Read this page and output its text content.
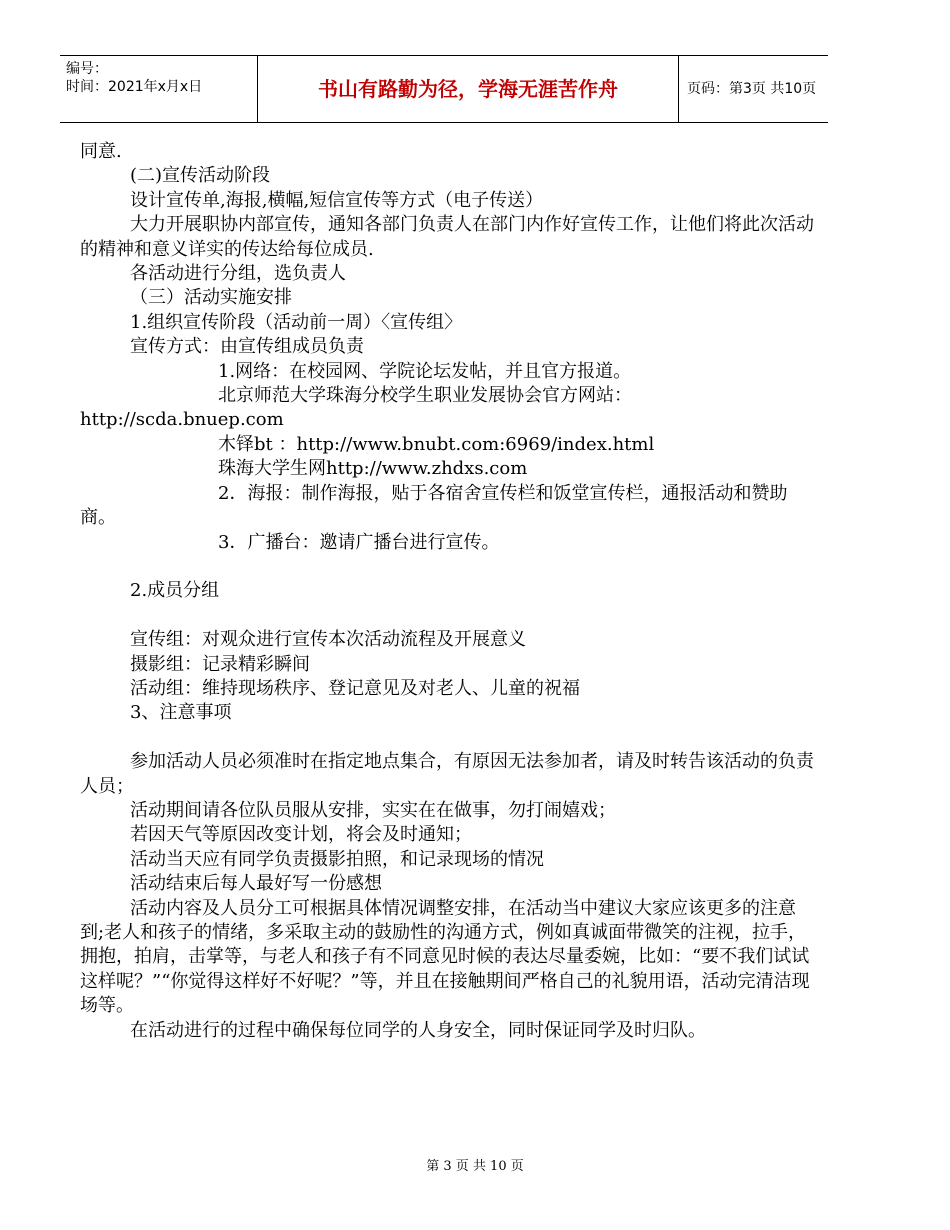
编号：
时间：2021年x月x日	书山有路勤为径，学海无涯苦作舟	页码：第3页 共10页

同意.

(二)宣传活动阶段

设计宣传单,海报,横幅,短信宣传等方式（电子传送）

大力开展职协内部宣传，通知各部门负责人在部门内作好宣传工作，让他们将此次活动的精神和意义详实的传达给每位成员.

各活动进行分组，选负责人

（三）活动实施安排

1.组织宣传阶段（活动前一周）〈宣传组〉

宣传方式：由宣传组成员负责

1.网络：在校园网、学院论坛发帖，并且官方报道。

北京师范大学珠海分校学生职业发展协会官方网站：http://scda.bnuep.com

木铎bt ：http://www.bnubt.com:6969/index.html

珠海大学生网http://www.zhdxs.com

2．海报：制作海报，贴于各宿舍宣传栏和饭堂宣传栏，通报活动和赞助商。

3．广播台：邀请广播台进行宣传。

2.成员分组

宣传组：对观众进行宣传本次活动流程及开展意义

摄影组：记录精彩瞬间

活动组：维持现场秩序、登记意见及对老人、儿童的祝福

3、注意事项

参加活动人员必须准时在指定地点集合，有原因无法参加者，请及时转告该活动的负责人员；

活动期间请各位队员服从安排，实实在在做事，勿打闹嬉戏；

若因天气等原因改变计划，将会及时通知；

活动当天应有同学负责摄影拍照，和记录现场的情况

活动结束后每人最好写一份感想

活动内容及人员分工可根据具体情况调整安排，在活动当中建议大家应该更多的注意到;老人和孩子的情绪，多采取主动的鼓励性的沟通方式，例如真诚面带微笑的注视，拉手，拥抱，拍肩，击掌等，与老人和孩子有不同意见时候的表达尽量委婉，比如：“要不我们试试这样呢？”“你觉得这样好不好呢？”等，并且在接触期间严格自己的礼貌用语，活动完清洁现场等。

在活动进行的过程中确保每位同学的人身安全，同时保证同学及时归队。

第 3 页 共 10 页
